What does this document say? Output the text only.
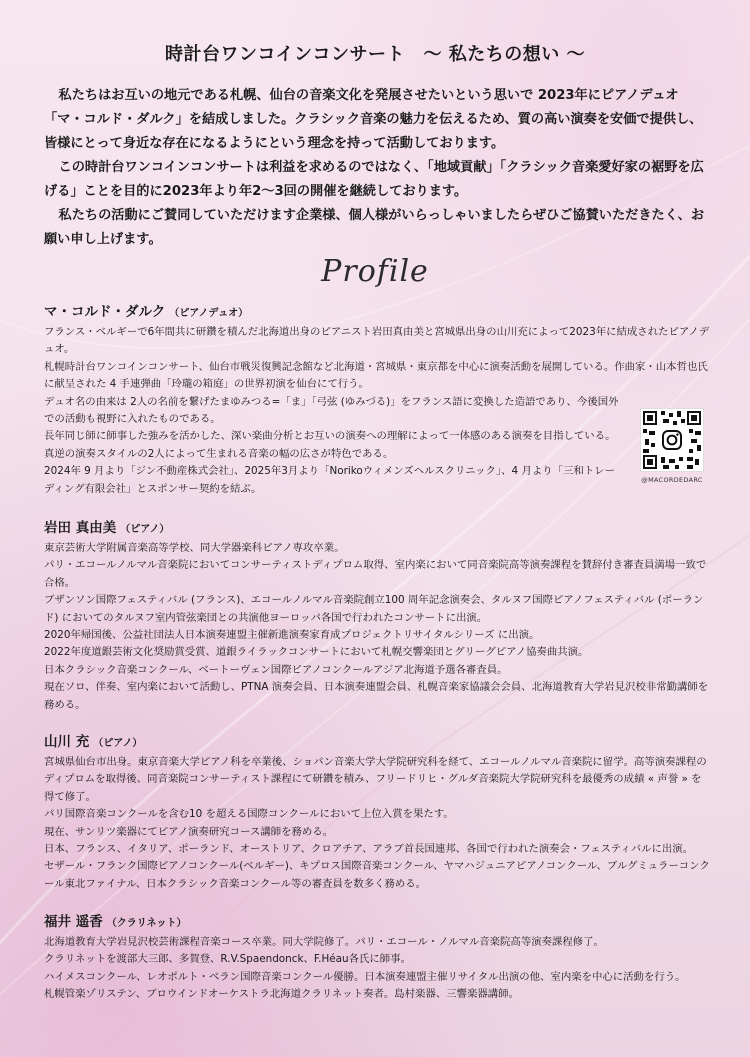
時計台ワンコインコンサート　～ 私たちの想い ～

私たちはお互いの地元である札幌、仙台の音楽文化を発展させたいという思いで 2023年にピアノデュオ「マ・コルド・ダルク」を結成しました。クラシック音楽の魅力を伝えるため、質の高い演奏を安価で提供し、皆様にとって身近な存在になるようにという理念を持って活動しております。

この時計台ワンコインコンサートは利益を求めるのではなく、「地域貢献」「クラシック音楽愛好家の裾野を広げる」ことを目的に2023年より年2～3回の開催を継続しております。

私たちの活動にご賛同していただけます企業様、個人様がいらっしゃいましたらぜひご協賛いただきたく、お願い申し上げます。

Profile
マ・コルド・ダルク （ピアノデュオ）
フランス・ベルギーで6年間共に研鑽を積んだ北海道出身のピアニスト岩田真由美と宮城県出身の山川充によって2023年に結成されたピアノデュオ。
札幌時計台ワンコインコンサート、仙台市戦災復興記念館など北海道・宮城県・東京都を中心に演奏活動を展開している。作曲家・山本哲也氏に献呈された 4 手連弾曲「玲瓏の箱庭」の世界初演を仙台にて行う。
デュオ名の由来は 2人の名前を繋げたまゆみつる=「ま」「弓弦 (ゆみづる)」をフランス語に変換した造語であり、今後国外での活動も視野に入れたものである。
長年同じ師に師事した強みを活かした、深い楽曲分析とお互いの演奏への理解によって一体感のある演奏を目指している。真逆の演奏スタイルの2人によって生まれる音楽の幅の広さが特色である。
2024年 9 月より「ジン不動産株式会社」、2025年3月より「Norikoウィメンズヘルスクリニック」、4 月より「三和トレーディング有限会社」とスポンサー契約を結ぶ。
@MACORDEDARC
岩田 真由美 （ピアノ）
東京芸術大学附属音楽高等学校、同大学器楽科ピアノ専攻卒業。
パリ・エコールノルマル音楽院においてコンサーティストディプロム取得、室内楽において同音楽院高等演奏課程を賛辞付き審査員満場一致で合格。
ブザンソン国際フェスティバル (フランス)、エコールノルマル音楽院創立100 周年記念演奏会、タルヌフ国際ピアノフェスティバル (ポーランド) においてのタルヌフ室内管弦楽団との共演他ヨーロッパ各国で行われたコンサートに出演。
2020年帰国後、公益社団法人日本演奏連盟主催新進演奏家育成プロジェクトリサイタルシリーズ に出演。
2022年度道銀芸術文化奨励賞受賞、道銀ライラックコンサートにおいて札幌交響楽団とグリーグピアノ協奏曲共演。
日本クラシック音楽コンクール、ベートーヴェン国際ピアノコンクールアジア北海道予選各審査員。
現在ソロ、伴奏、室内楽において活動し、PTNA 演奏会員、日本演奏連盟会員、札幌音楽家協議会会員、北海道教育大学岩見沢校非常勤講師を務める。
山川 充 （ピアノ）
宮城県仙台市出身。東京音楽大学ピアノ科を卒業後、ショパン音楽大学大学院研究科を経て、エコールノルマル音楽院に留学。高等演奏課程のディプロムを取得後、同音楽院コンサーティスト課程にて研鑽を積み、フリードリヒ・グルダ音楽院大学院研究科を最優秀の成績 « 声誉 » を得て修了。
パリ国際音楽コンクールを含む10 を超える国際コンクールにおいて上位入賞を果たす。
現在、サンリツ楽器にてピアノ演奏研究コース講師を務める。
日本、フランス、イタリア、ポーランド、オーストリア、クロアチア、アラブ首長国連邦、各国で行われた演奏会・フェスティバルに出演。
セザール・フランク国際ピアノコンクール(ベルギー)、キプロス国際音楽コンクール、ヤマハジュニアピアノコンクール、ブルグミュラーコンクール東北ファイナル、日本クラシック音楽コンクール等の審査員を数多く務める。
福井 遥香 （クラリネット）
北海道教育大学岩見沢校芸術課程音楽コース卒業。同大学院修了。パリ・エコール・ノルマル音楽院高等演奏課程修了。
クラリネットを渡部大三郎、多賀登、R.V.Spaendonck、F.Héau各氏に師事。
ハイメスコンクール、レオポルト・ベラン国際音楽コンクール優勝。日本演奏連盟主催リサイタル出演の他、室内楽を中心に活動を行う。
札幌管楽ゾリステン、ブロウインドオーケストラ北海道クラリネット奏者。島村楽器、三響楽器講師。
